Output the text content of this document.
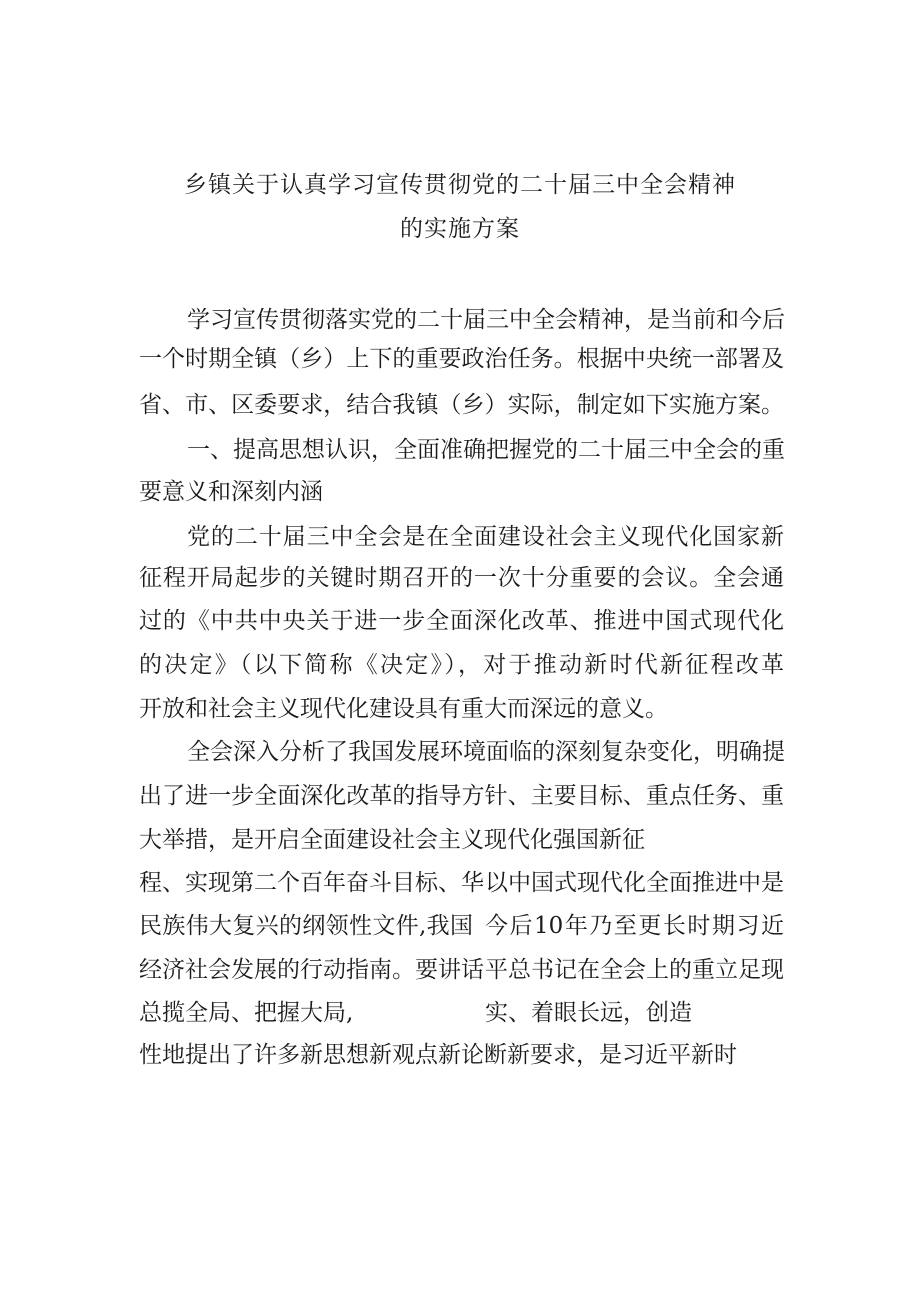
乡镇关于认真学习宣传贯彻党的二十届三中全会精神
的实施方案
学习宣传贯彻落实党的二十届三中全会精神，是当前和今后
一个时期全镇（乡）上下的重要政治任务。根据中央统一部署及
省、市、区委要求，结合我镇（乡）实际，制定如下实施方案。
一、提高思想认识，全面准确把握党的二十届三中全会的重
要意义和深刻内涵
党的二十届三中全会是在全面建设社会主义现代化国家新
征程开局起步的关键时期召开的一次十分重要的会议。全会通
过的《中共中央关于进一步全面深化改革、推进中国式现代化
的决定》（以下简称《决定》），对于推动新时代新征程改革
开放和社会主义现代化建设具有重大而深远的意义。
全会深入分析了我国发展环境面临的深刻复杂变化，明确提
出了进一步全面深化改革的指导方针、主要目标、重点任务、重
大举措，是开启全面建设社会主义现代化强国新征
程、实现第二个百年奋斗目标、华
民族伟大复兴的纲领性文件,我国
经济社会发展的行动指南。要讲话
总揽全局、把握大局,
以中国式现代化全面推进中是
今后10年乃至更长时期习近
平总书记在全会上的重立足现
实、着眼长远，创造
性地提出了许多新思想新观点新论断新要求，是习近平新时
